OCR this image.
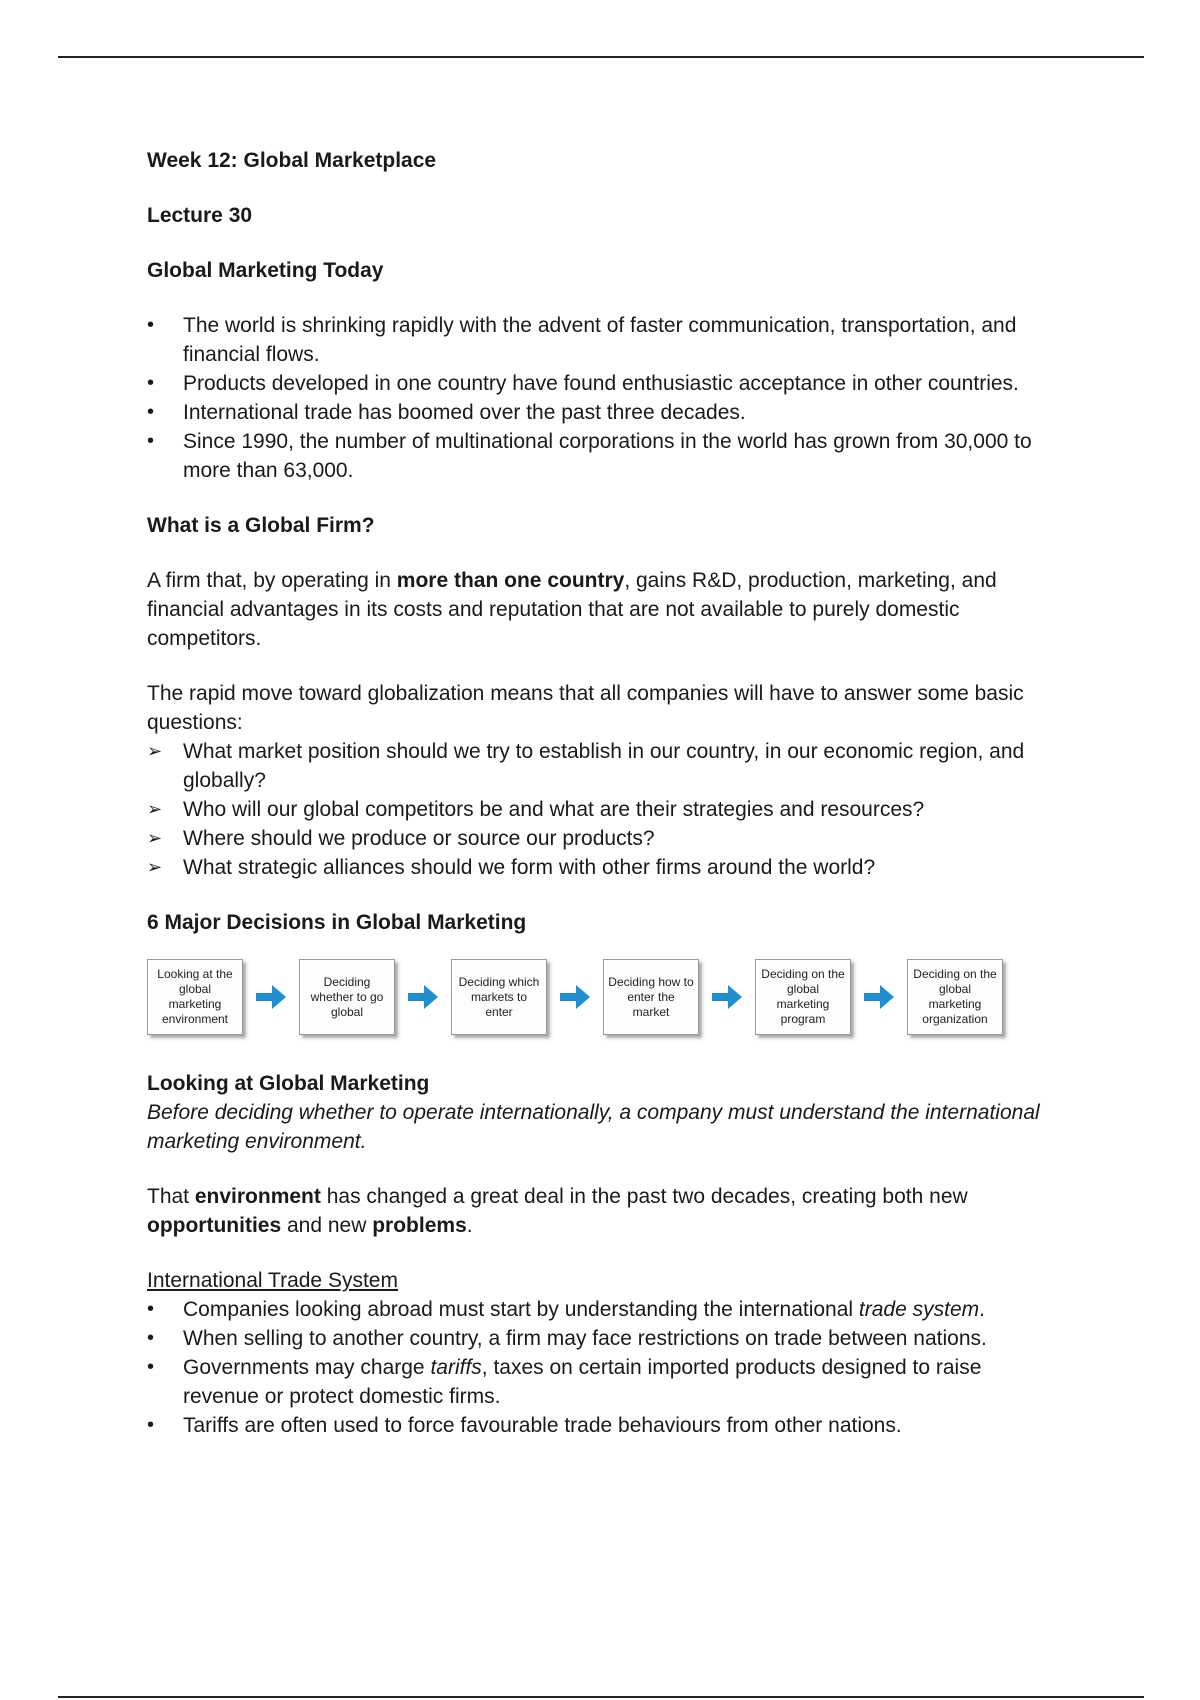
Week 12: Global Marketplace

Lecture 30

Global Marketing Today

•	The world is shrinking rapidly with the advent of faster communication, transportation, and financial flows.
•	Products developed in one country have found enthusiastic acceptance in other countries.
•	International trade has boomed over the past three decades.
•	Since 1990, the number of multinational corporations in the world has grown from 30,000 to more than 63,000.

What is a Global Firm?

A firm that, by operating in more than one country, gains R&D, production, marketing, and financial advantages in its costs and reputation that are not available to purely domestic competitors.

The rapid move toward globalization means that all companies will have to answer some basic questions:

➢ What market position should we try to establish in our country, in our economic region, and globally?
➢ Who will our global competitors be and what are their strategies and resources?
➢ Where should we produce or source our products?
➢ What strategic alliances should we form with other firms around the world?

6 Major Decisions in Global Marketing

Looking at the global marketing environment
Deciding whether to go global
Deciding which markets to enter
Deciding how to enter the market
Deciding on the global marketing program
Deciding on the global marketing organization

Looking at Global Marketing

Before deciding whether to operate internationally, a company must understand the international marketing environment.

That environment has changed a great deal in the past two decades, creating both new opportunities and new problems.

International Trade System

•	Companies looking abroad must start by understanding the international trade system.
•	When selling to another country, a firm may face restrictions on trade between nations.
•	Governments may charge tariffs, taxes on certain imported products designed to raise revenue or protect domestic firms.
•	Tariffs are often used to force favourable trade behaviours from other nations.
